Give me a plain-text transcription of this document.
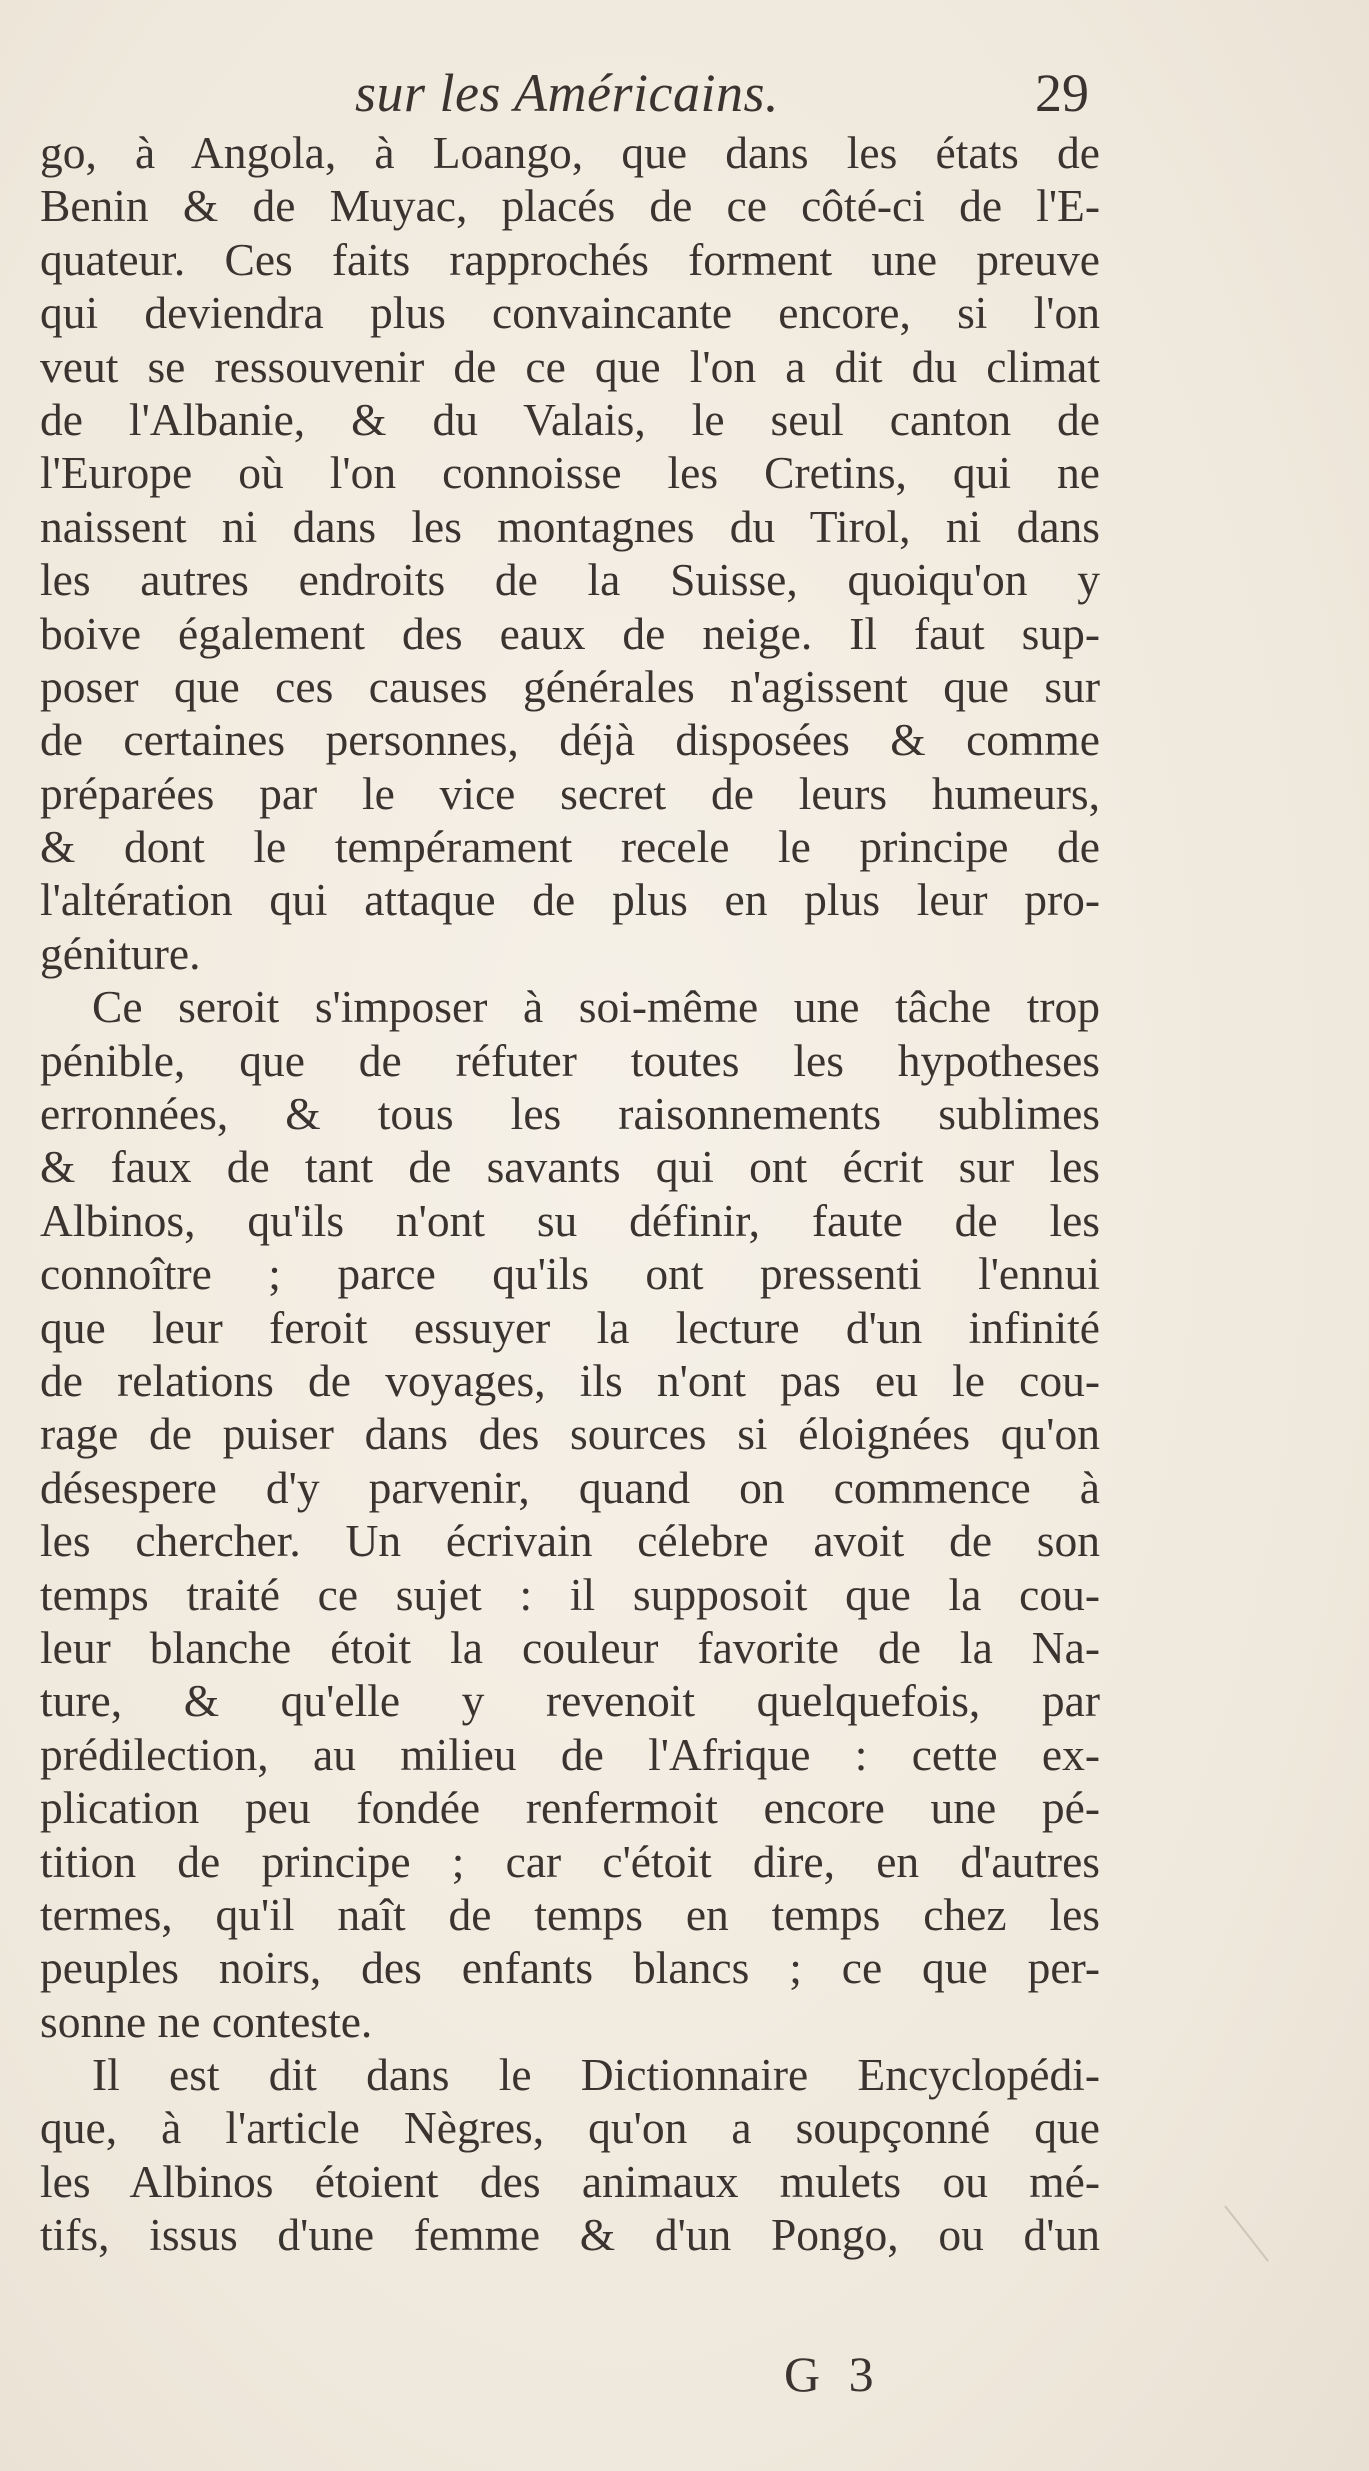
sur les Américains.	29
go, à Angola, à Loango, que dans les états de
Benin & de Muyac, placés de ce côté-ci de l'E-
quateur. Ces faits rapprochés forment une preuve
qui deviendra plus convaincante encore, si l'on
veut se ressouvenir de ce que l'on a dit du climat
de l'Albanie, & du Valais, le seul canton de
l'Europe où l'on connoisse les Cretins, qui ne
naissent ni dans les montagnes du Tirol, ni dans
les autres endroits de la Suisse, quoiqu'on y
boive également des eaux de neige. Il faut sup-
poser que ces causes générales n'agissent que sur
de certaines personnes, déjà disposées & comme
préparées par le vice secret de leurs humeurs,
& dont le tempérament recele le principe de
l'altération qui attaque de plus en plus leur pro-
géniture.
Ce seroit s'imposer à soi-même une tâche trop
pénible, que de réfuter toutes les hypotheses
erronnées, & tous les raisonnements sublimes
& faux de tant de savants qui ont écrit sur les
Albinos, qu'ils n'ont su définir, faute de les
connoître ; parce qu'ils ont pressenti l'ennui
que leur feroit essuyer la lecture d'un infinité
de relations de voyages, ils n'ont pas eu le cou-
rage de puiser dans des sources si éloignées qu'on
désespere d'y parvenir, quand on commence à
les chercher. Un écrivain célebre avoit de son
temps traité ce sujet : il supposoit que la cou-
leur blanche étoit la couleur favorite de la Na-
ture, & qu'elle y revenoit quelquefois, par
prédilection, au milieu de l'Afrique : cette ex-
plication peu fondée renfermoit encore une pé-
tition de principe ; car c'étoit dire, en d'autres
termes, qu'il naît de temps en temps chez les
peuples noirs, des enfants blancs ; ce que per-
sonne ne conteste.
Il est dit dans le Dictionnaire Encyclopédi-
que, à l'article Nègres, qu'on a soupçonné que
les Albinos étoient des animaux mulets ou mé-
tifs, issus d'une femme & d'un Pongo, ou d'un
G 3
